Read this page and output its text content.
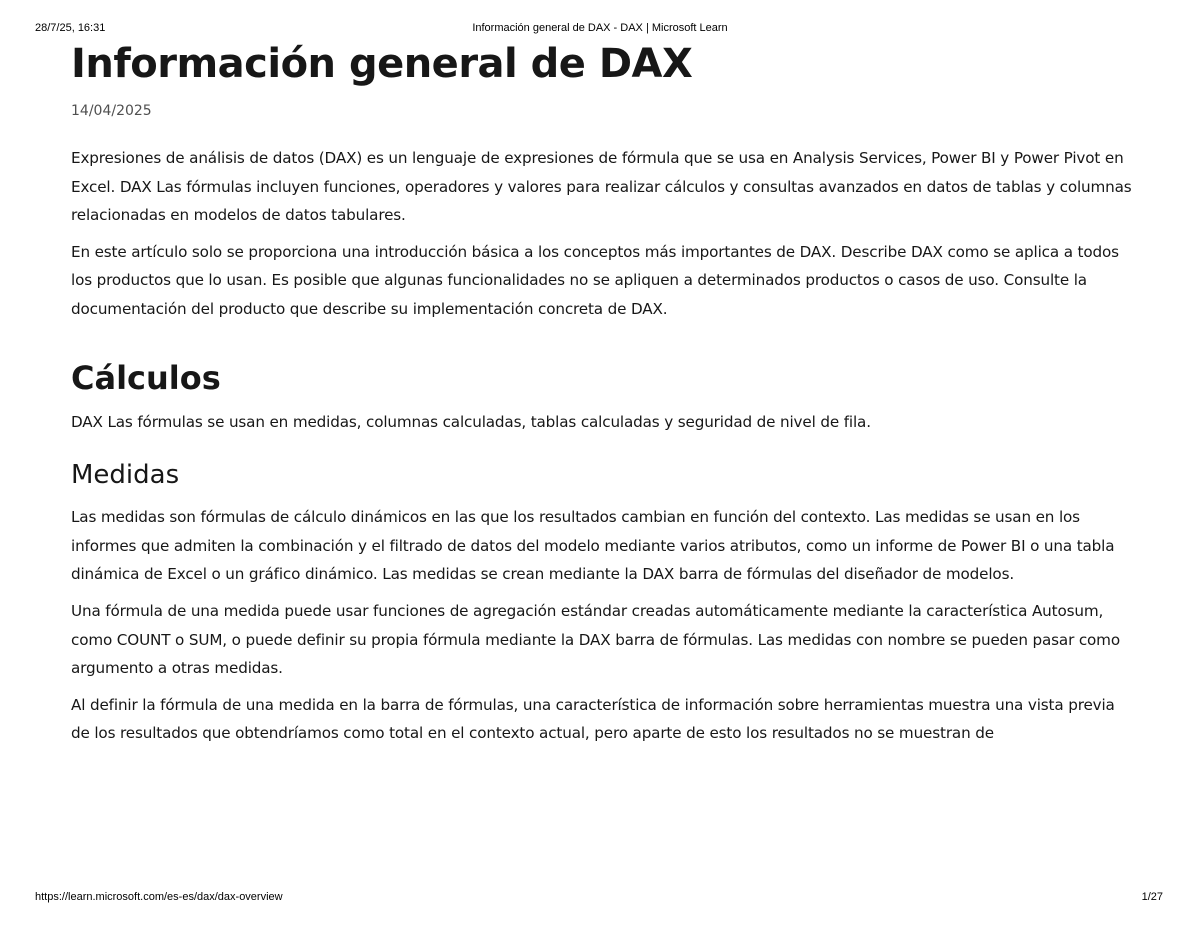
28/7/25, 16:31	Información general de DAX - DAX | Microsoft Learn
Información general de DAX
14/04/2025

Expresiones de análisis de datos (DAX) es un lenguaje de expresiones de fórmula que se usa en Analysis Services, Power BI y Power Pivot en Excel. DAX Las fórmulas incluyen funciones, operadores y valores para realizar cálculos y consultas avanzados en datos de tablas y columnas relacionadas en modelos de datos tabulares.

En este artículo solo se proporciona una introducción básica a los conceptos más importantes de DAX. Describe DAX como se aplica a todos los productos que lo usan. Es posible que algunas funcionalidades no se apliquen a determinados productos o casos de uso. Consulte la documentación del producto que describe su implementación concreta de DAX.

Cálculos

DAX Las fórmulas se usan en medidas, columnas calculadas, tablas calculadas y seguridad de nivel de fila.

Medidas

Las medidas son fórmulas de cálculo dinámicos en las que los resultados cambian en función del contexto. Las medidas se usan en los informes que admiten la combinación y el filtrado de datos del modelo mediante varios atributos, como un informe de Power BI o una tabla dinámica de Excel o un gráfico dinámico. Las medidas se crean mediante la DAX barra de fórmulas del diseñador de modelos.

Una fórmula de una medida puede usar funciones de agregación estándar creadas automáticamente mediante la característica Autosum, como COUNT o SUM, o puede definir su propia fórmula mediante la DAX barra de fórmulas. Las medidas con nombre se pueden pasar como argumento a otras medidas.

Al definir la fórmula de una medida en la barra de fórmulas, una característica de información sobre herramientas muestra una vista previa de los resultados que obtendríamos como total en el contexto actual, pero aparte de esto los resultados no se muestran de

https://learn.microsoft.com/es-es/dax/dax-overview	1/27
